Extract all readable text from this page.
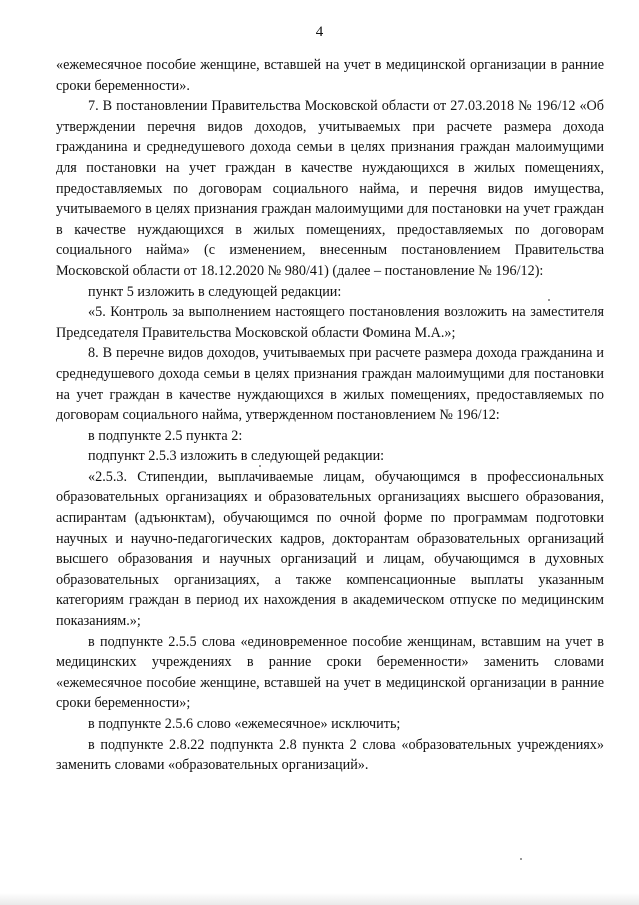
4

«ежемесячное пособие женщине, вставшей на учет в медицинской организации в ранние сроки беременности».

7. В постановлении Правительства Московской области от 27.03.2018 № 196/12 «Об утверждении перечня видов доходов, учитываемых при расчете размера дохода гражданина и среднедушевого дохода семьи в целях признания граждан малоимущими для постановки на учет граждан в качестве нуждающихся в жилых помещениях, предоставляемых по договорам социального найма, и перечня видов имущества, учитываемого в целях признания граждан малоимущими для постановки на учет граждан в качестве нуждающихся в жилых помещениях, предоставляемых по договорам социального найма» (с изменением, внесенным постановлением Правительства Московской области от 18.12.2020 № 980/41) (далее – постановление № 196/12):

пункт 5 изложить в следующей редакции:

«5. Контроль за выполнением настоящего постановления возложить на заместителя Председателя Правительства Московской области Фомина М.А.»;

8. В перечне видов доходов, учитываемых при расчете размера дохода гражданина и среднедушевого дохода семьи в целях признания граждан малоимущими для постановки на учет граждан в качестве нуждающихся в жилых помещениях, предоставляемых по договорам социального найма, утвержденном постановлением № 196/12:

в подпункте 2.5 пункта 2:

подпункт 2.5.3 изложить в следующей редакции:

«2.5.3. Стипендии, выплачиваемые лицам, обучающимся в профессиональных образовательных организациях и образовательных организациях высшего образования, аспирантам (адъюнктам), обучающимся по очной форме по программам подготовки научных и научно-педагогических кадров, докторантам образовательных организаций высшего образования и научных организаций и лицам, обучающимся в духовных образовательных организациях, а также компенсационные выплаты указанным категориям граждан в период их нахождения в академическом отпуске по медицинским показаниям.»;

в подпункте 2.5.5 слова «единовременное пособие женщинам, вставшим на учет в медицинских учреждениях в ранние сроки беременности» заменить словами «ежемесячное пособие женщине, вставшей на учет в медицинской организации в ранние сроки беременности»;

в подпункте 2.5.6 слово «ежемесячное» исключить;

в подпункте 2.8.22 подпункта 2.8 пункта 2 слова «образовательных учреждениях» заменить словами «образовательных организаций».
